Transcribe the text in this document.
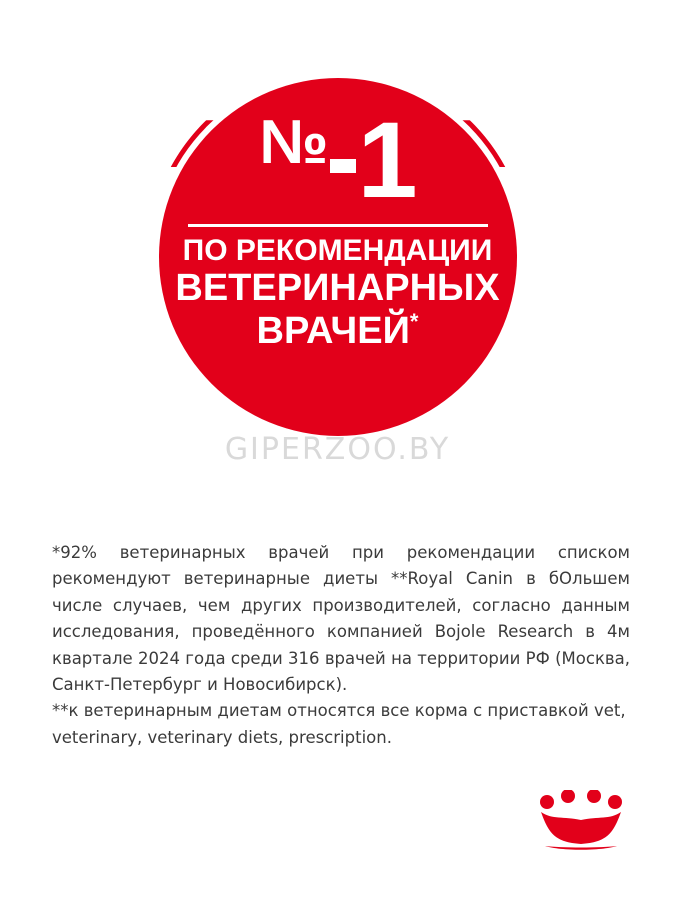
№ 1
ПО РЕКОМЕНДАЦИИ
ВЕТЕРИНАРНЫХ
ВРАЧЕЙ*
GIPERZOO.BY

*92% ветеринарных врачей при рекомендации списком рекомендуют ветеринарные диеты **Royal Canin в бОльшем числе случаев, чем других производителей, согласно данным исследования, проведённого компанией Bojole Research в 4м квартале 2024 года среди 316 врачей на территории РФ (Москва, Санкт-Петербург и Новосибирск).

**к ветеринарным диетам относятся все корма с приставкой vet, veterinary, veterinary diets, prescription.
